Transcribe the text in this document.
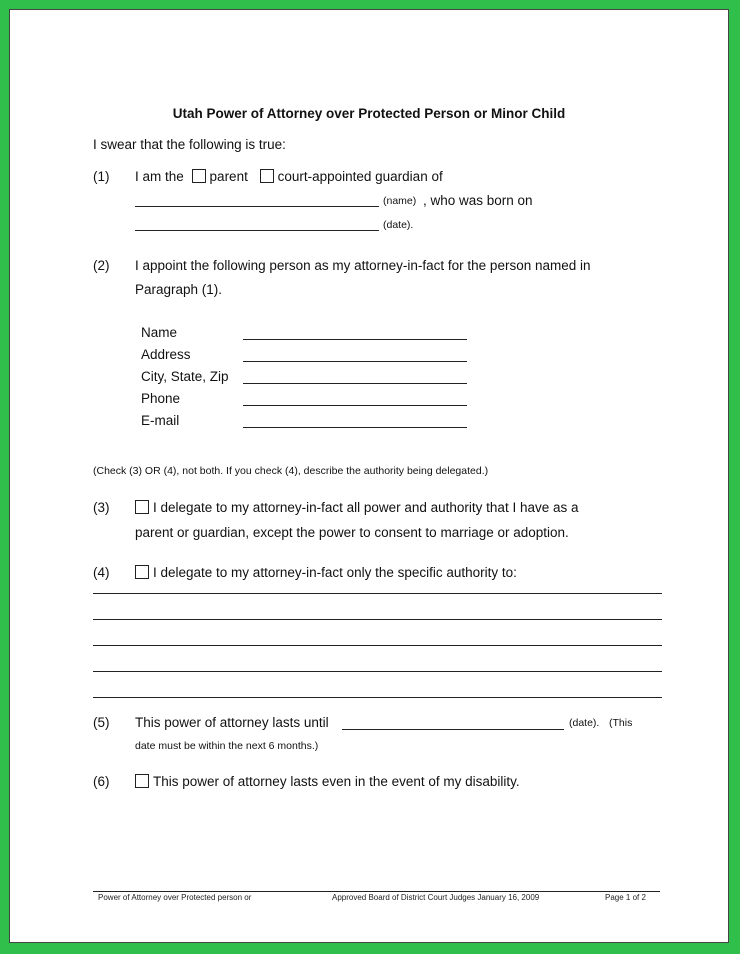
Utah Power of Attorney over Protected Person or Minor Child
I swear that the following is true:
(1) I am the parent court-appointed guardian of
(name) , who was born on
(date).
(2) I appoint the following person as my attorney-in-fact for the person named in
Paragraph (1).
Name
Address
City, State, Zip
Phone
E-mail
(Check (3) OR (4), not both. If you check (4), describe the authority being delegated.)
(3)	I delegate to my attorney-in-fact all power and authority that I have as a
parent or guardian, except the power to consent to marriage or adoption.
(4)	I delegate to my attorney-in-fact only the specific authority to:
(5) This power of attorney lasts until	(date). (This
date must be within the next 6 months.)
(6)	This power of attorney lasts even in the event of my disability.
Power of Attorney over Protected person or	Approved Board of District Court Judges January 16, 2009	Page 1 of 2
